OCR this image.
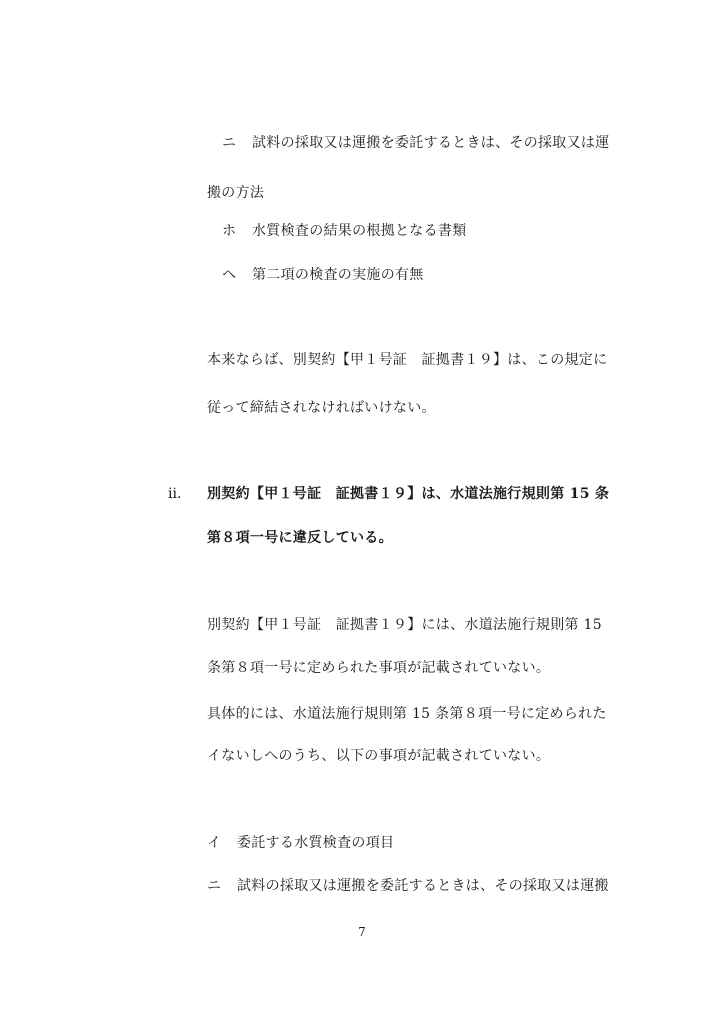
ニ 試料の採取又は運搬を委託するときは、その採取又は運
搬の方法
ホ 水質検査の結果の根拠となる書類
ヘ 第二項の検査の実施の有無
本来ならば、別契約【甲１号証　証拠書１９】は、この規定に
従って締結されなければいけない。
ii. 別契約【甲１号証　証拠書１９】は、水道法施行規則第 15 条
第８項一号に違反している。
別契約【甲１号証　証拠書１９】には、水道法施行規則第 15
条第８項一号に定められた事項が記載されていない。
具体的には、水道法施行規則第 15 条第８項一号に定められた
イないしへのうち、以下の事項が記載されていない。
イ 委託する水質検査の項目
ニ 試料の採取又は運搬を委託するときは、その採取又は運搬
7
